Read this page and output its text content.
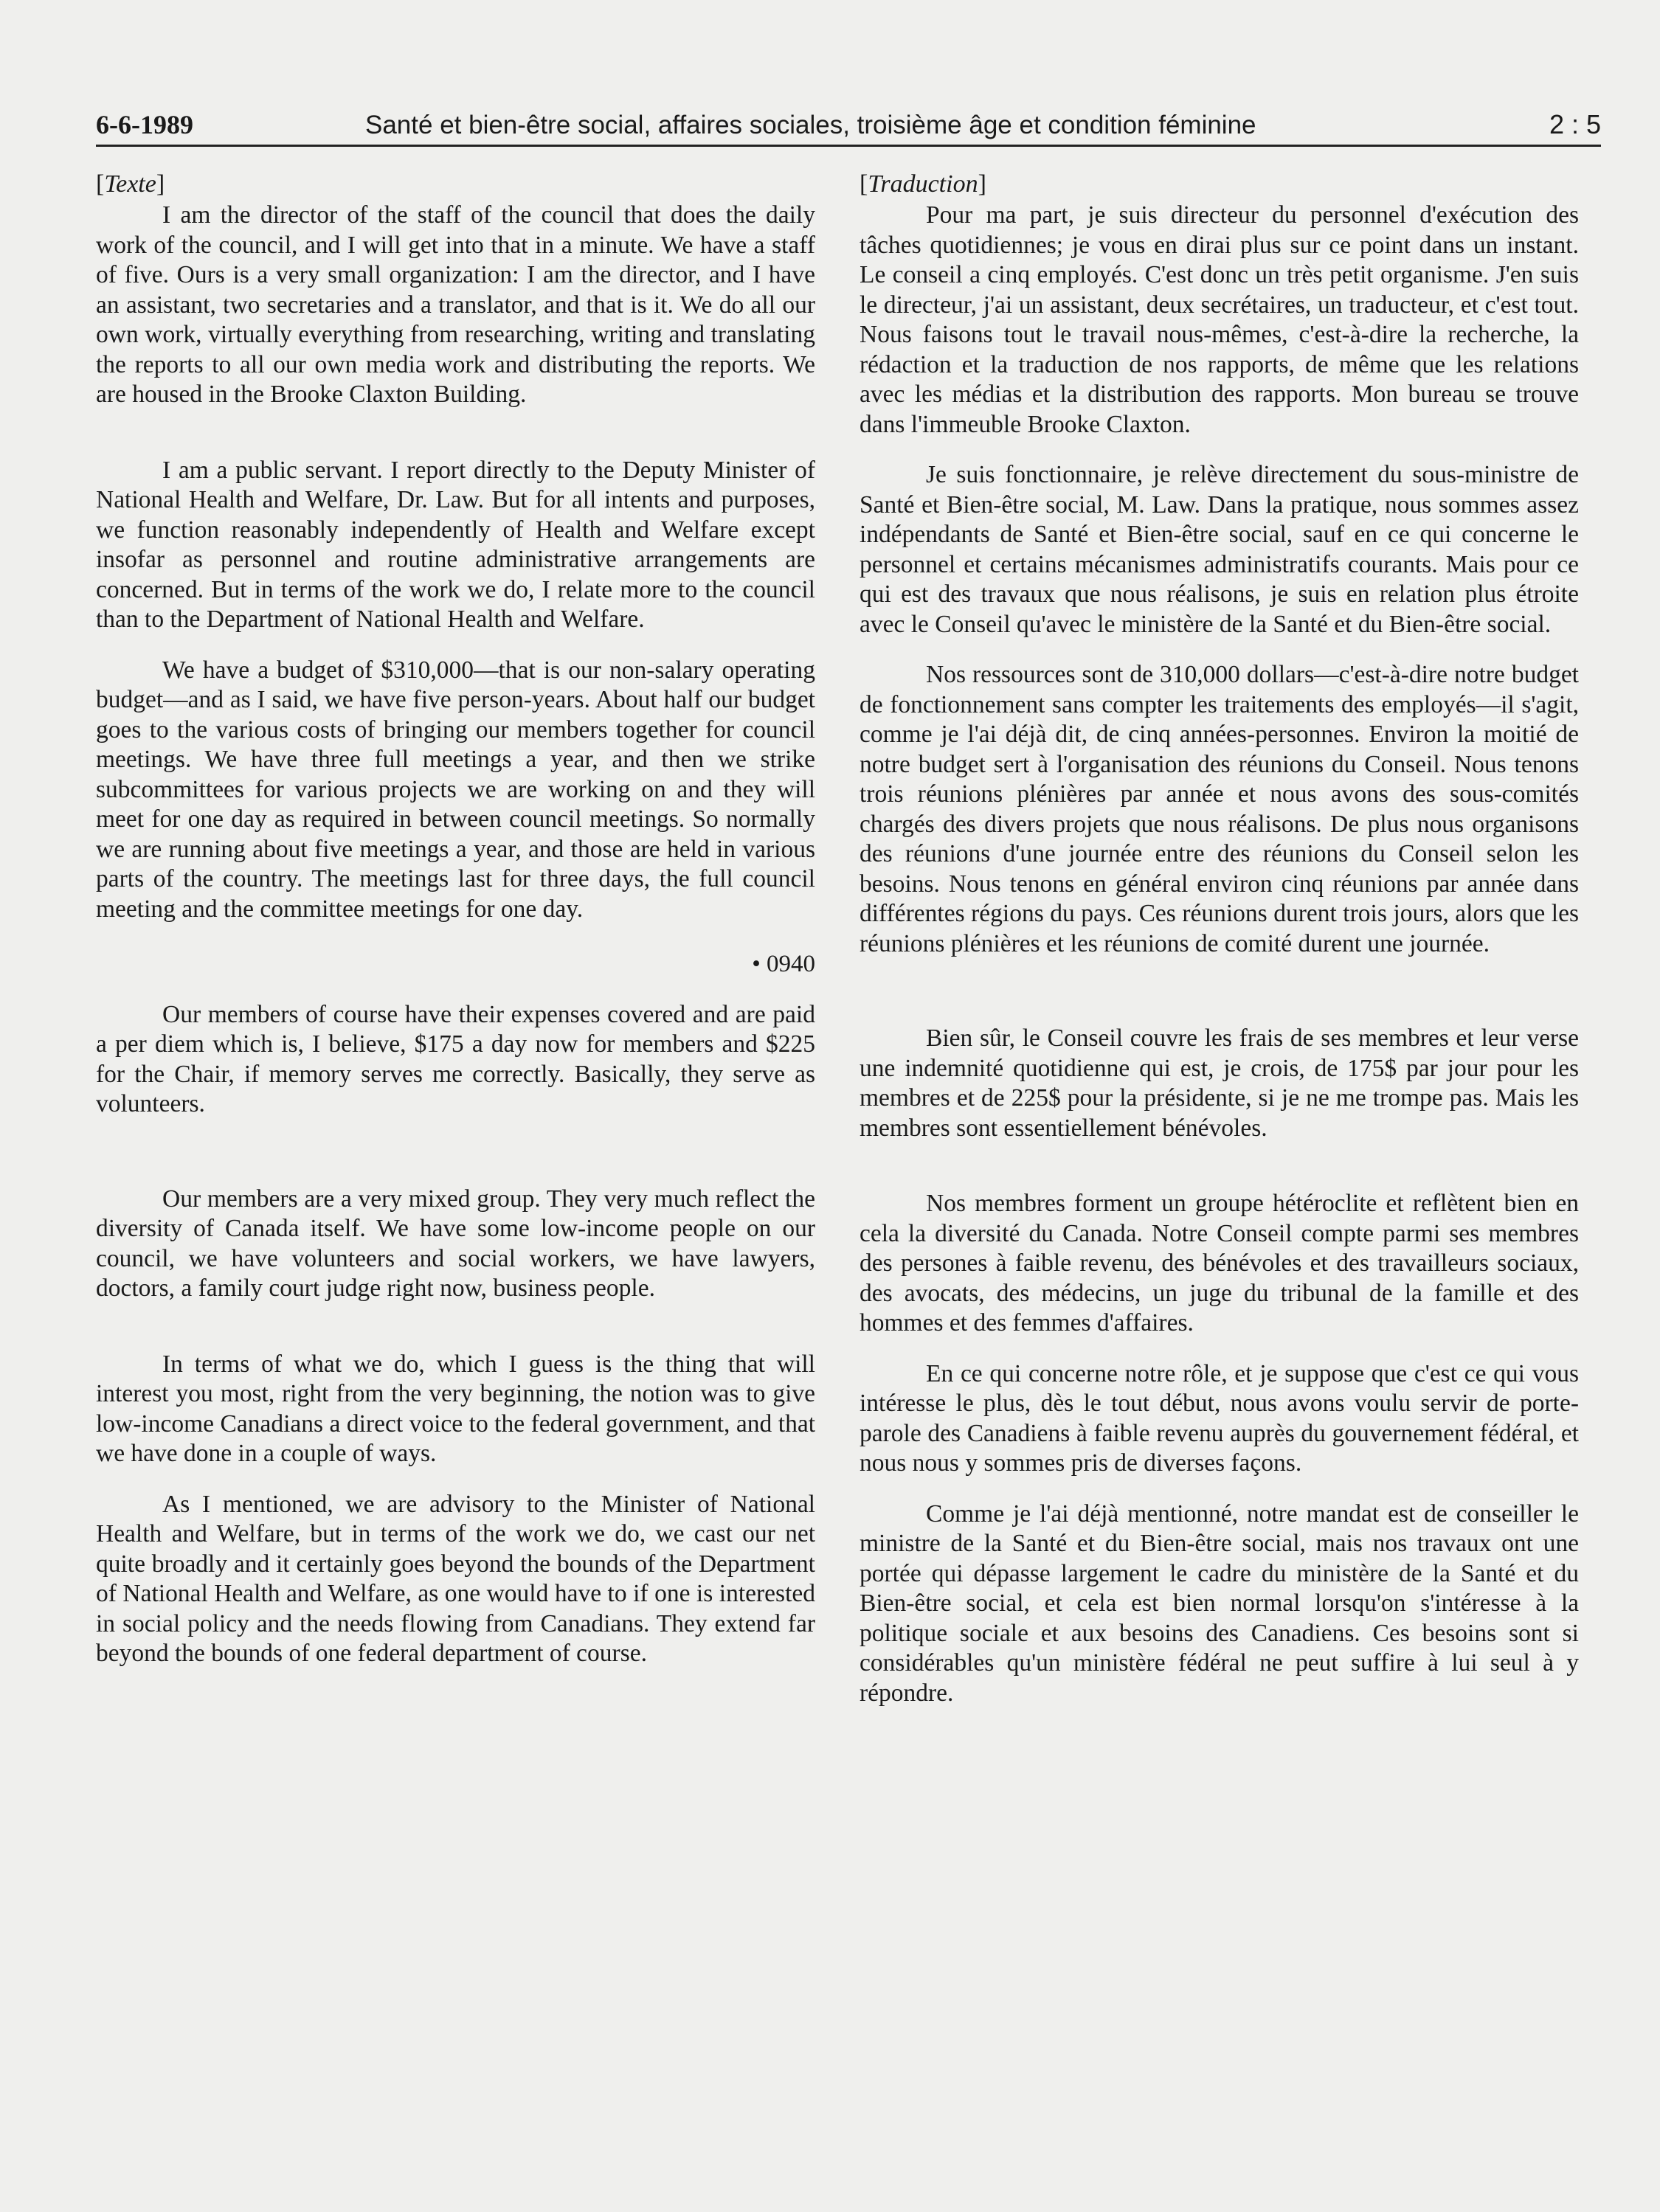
6-6-1989	Santé et bien-être social, affaires sociales, troisième âge et condition féminine	2 : 5
[Texte]

I am the director of the staff of the council that does the daily work of the council, and I will get into that in a minute. We have a staff of five. Ours is a very small organization: I am the director, and I have an assistant, two secretaries and a translator, and that is it. We do all our own work, virtually everything from researching, writing and translating the reports to all our own media work and distributing the reports. We are housed in the Brooke Claxton Building.

I am a public servant. I report directly to the Deputy Minister of National Health and Welfare, Dr. Law. But for all intents and purposes, we function reasonably independently of Health and Welfare except insofar as personnel and routine administrative arrangements are concerned. But in terms of the work we do, I relate more to the council than to the Department of National Health and Welfare.

We have a budget of $310,000—that is our non-salary operating budget—and as I said, we have five person-years. About half our budget goes to the various costs of bringing our members together for council meetings. We have three full meetings a year, and then we strike subcommittees for various projects we are working on and they will meet for one day as required in between council meetings. So normally we are running about five meetings a year, and those are held in various parts of the country. The meetings last for three days, the full council meeting and the committee meetings for one day.

• 0940

Our members of course have their expenses covered and are paid a per diem which is, I believe, $175 a day now for members and $225 for the Chair, if memory serves me correctly. Basically, they serve as volunteers.

Our members are a very mixed group. They very much reflect the diversity of Canada itself. We have some low-income people on our council, we have volunteers and social workers, we have lawyers, doctors, a family court judge right now, business people.

In terms of what we do, which I guess is the thing that will interest you most, right from the very beginning, the notion was to give low-income Canadians a direct voice to the federal government, and that we have done in a couple of ways.

As I mentioned, we are advisory to the Minister of National Health and Welfare, but in terms of the work we do, we cast our net quite broadly and it certainly goes beyond the bounds of the Department of National Health and Welfare, as one would have to if one is interested in social policy and the needs flowing from Canadians. They extend far beyond the bounds of one federal department of course.

[Traduction]

Pour ma part, je suis directeur du personnel d'exécution des tâches quotidiennes; je vous en dirai plus sur ce point dans un instant. Le conseil a cinq employés. C'est donc un très petit organisme. J'en suis le directeur, j'ai un assistant, deux secrétaires, un traducteur, et c'est tout. Nous faisons tout le travail nous-mêmes, c'est-à-dire la recherche, la rédaction et la traduction de nos rapports, de même que les relations avec les médias et la distribution des rapports. Mon bureau se trouve dans l'immeuble Brooke Claxton.

Je suis fonctionnaire, je relève directement du sous-ministre de Santé et Bien-être social, M. Law. Dans la pratique, nous sommes assez indépendants de Santé et Bien-être social, sauf en ce qui concerne le personnel et certains mécanismes administratifs courants. Mais pour ce qui est des travaux que nous réalisons, je suis en relation plus étroite avec le Conseil qu'avec le ministère de la Santé et du Bien-être social.

Nos ressources sont de 310,000 dollars—c'est-à-dire notre budget de fonctionnement sans compter les traitements des employés—il s'agit, comme je l'ai déjà dit, de cinq années-personnes. Environ la moitié de notre budget sert à l'organisation des réunions du Conseil. Nous tenons trois réunions plénières par année et nous avons des sous-comités chargés des divers projets que nous réalisons. De plus nous organisons des réunions d'une journée entre des réunions du Conseil selon les besoins. Nous tenons en général environ cinq réunions par année dans différentes régions du pays. Ces réunions durent trois jours, alors que les réunions plénières et les réunions de comité durent une journée.

Bien sûr, le Conseil couvre les frais de ses membres et leur verse une indemnité quotidienne qui est, je crois, de 175$ par jour pour les membres et de 225$ pour la présidente, si je ne me trompe pas. Mais les membres sont essentiellement bénévoles.

Nos membres forment un groupe hétéroclite et reflètent bien en cela la diversité du Canada. Notre Conseil compte parmi ses membres des persones à faible revenu, des bénévoles et des travailleurs sociaux, des avocats, des médecins, un juge du tribunal de la famille et des hommes et des femmes d'affaires.

En ce qui concerne notre rôle, et je suppose que c'est ce qui vous intéresse le plus, dès le tout début, nous avons voulu servir de porte-parole des Canadiens à faible revenu auprès du gouvernement fédéral, et nous nous y sommes pris de diverses façons.

Comme je l'ai déjà mentionné, notre mandat est de conseiller le ministre de la Santé et du Bien-être social, mais nos travaux ont une portée qui dépasse largement le cadre du ministère de la Santé et du Bien-être social, et cela est bien normal lorsqu'on s'intéresse à la politique sociale et aux besoins des Canadiens. Ces besoins sont si considérables qu'un ministère fédéral ne peut suffire à lui seul à y répondre.
